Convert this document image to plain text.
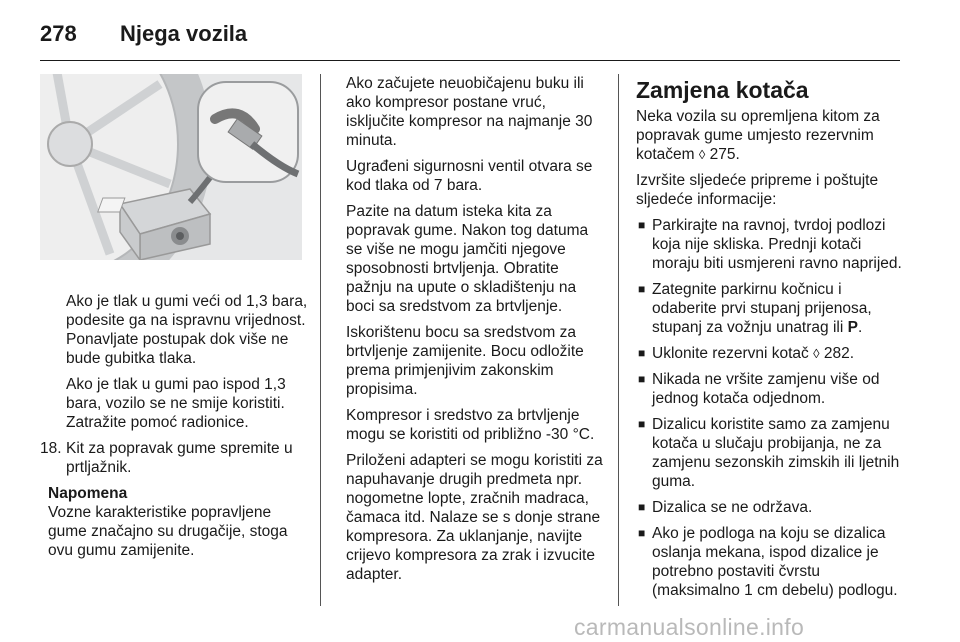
278	Njega vozila

Ako je tlak u gumi veći od 1,3 bara, podesite ga na ispravnu vrijednost. Ponavljate postupak dok više ne bude gubitka tlaka.

Ako je tlak u gumi pao ispod 1,3 bara, vozilo se ne smije koristiti. Zatražite pomoć radionice.

18. Kit za popravak gume spremite u prtljažnik.
Napomena
Vozne karakteristike popravljene gume značajno su drugačije, stoga ovu gumu zamijenite.

Ako začujete neuobičajenu buku ili ako kompresor postane vruć, isključite kompresor na najmanje 30 minuta.

Ugrađeni sigurnosni ventil otvara se kod tlaka od 7 bara.

Pazite na datum isteka kita za popravak gume. Nakon tog datuma se više ne mogu jamčiti njegove sposobnosti brtvljenja. Obratite pažnju na upute o skladištenju na boci sa sredstvom za brtvljenje.

Iskorištenu bocu sa sredstvom za brtvljenje zamijenite. Bocu odložite prema primjenjivim zakonskim propisima.

Kompresor i sredstvo za brtvljenje mogu se koristiti od približno -30 °C.

Priloženi adapteri se mogu koristiti za napuhavanje drugih predmeta npr. nogometne lopte, zračnih madraca, čamaca itd. Nalaze se s donje strane kompresora. Za uklanjanje, navijte crijevo kompresora za zrak i izvucite adapter.

Zamjena kotača

Neka vozila su opremljena kitom za popravak gume umjesto rezervnim kotačem ◊ 275.

Izvršite sljedeće pripreme i poštujte sljedeće informacije:

■ Parkirajte na ravnoj, tvrdoj podlozi koja nije skliska. Prednji kotači moraju biti usmjereni ravno naprijed.
■ Zategnite parkirnu kočnicu i odaberite prvi stupanj prijenosa, stupanj za vožnju unatrag ili P.
■ Uklonite rezervni kotač ◊ 282.
■ Nikada ne vršite zamjenu više od jednog kotača odjednom.
■ Dizalicu koristite samo za zamjenu kotača u slučaju probijanja, ne za zamjenu sezonskih zimskih ili ljetnih guma.
■ Dizalica se ne održava.
■ Ako je podloga na koju se dizalica oslanja mekana, ispod dizalice je potrebno postaviti čvrstu (maksimalno 1 cm debelu) podlogu.
carmanualsonline.info
